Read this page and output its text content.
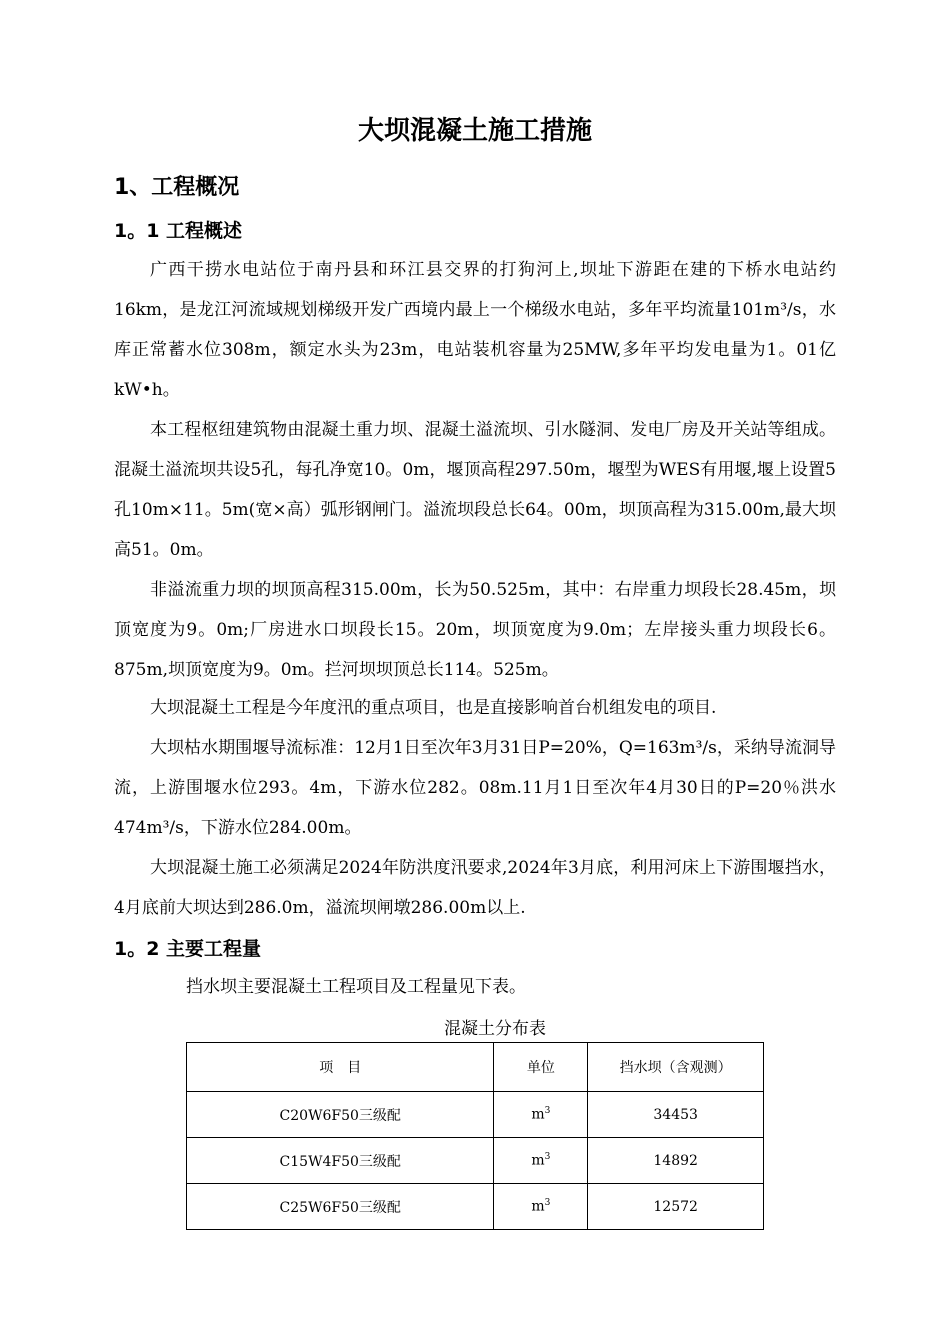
大坝混凝土施工措施
1、工程概况
1。1 工程概述

广西干捞水电站位于南丹县和环江县交界的打狗河上,坝址下游距在建的下桥水电站约16km，是龙江河流域规划梯级开发广西境内最上一个梯级水电站，多年平均流量101m³/s，水库正常蓄水位308m，额定水头为23m，电站装机容量为25MW,多年平均发电量为1。01亿kW•h。

本工程枢纽建筑物由混凝土重力坝、混凝土溢流坝、引水隧洞、发电厂房及开关站等组成。混凝土溢流坝共设5孔，每孔净宽10。0m，堰顶高程297.50m，堰型为WES有用堰,堰上设置5孔10m×11。5m(宽×高）弧形钢闸门。溢流坝段总长64。00m，坝顶高程为315.00m,最大坝高51。0m。

非溢流重力坝的坝顶高程315.00m，长为50.525m，其中：右岸重力坝段长28.45m，坝顶宽度为9。0m;厂房进水口坝段长15。20m，坝顶宽度为9.0m；左岸接头重力坝段长6。875m,坝顶宽度为9。0m。拦河坝坝顶总长114。525m。

大坝混凝土工程是今年度汛的重点项目，也是直接影响首台机组发电的项目.

大坝枯水期围堰导流标准：12月1日至次年3月31日P=20%，Q=163m³/s，采纳导流洞导流，上游围堰水位293。4m，下游水位282。08m.11月1日至次年4月30日的P=20％洪水474m³/s，下游水位284.00m。

大坝混凝土施工必须满足2024年防洪度汛要求,2024年3月底，利用河床上下游围堰挡水，4月底前大坝达到286.0m，溢流坝闸墩286.00m以上.

1。2 主要工程量

挡水坝主要混凝土工程项目及工程量见下表。

混凝土分布表

项　目	单位	挡水坝（含观测）
C20W6F50三级配	$m^3$	34453
C15W4F50三级配	$m^3$	14892
C25W6F50三级配	$m^3$	12572
